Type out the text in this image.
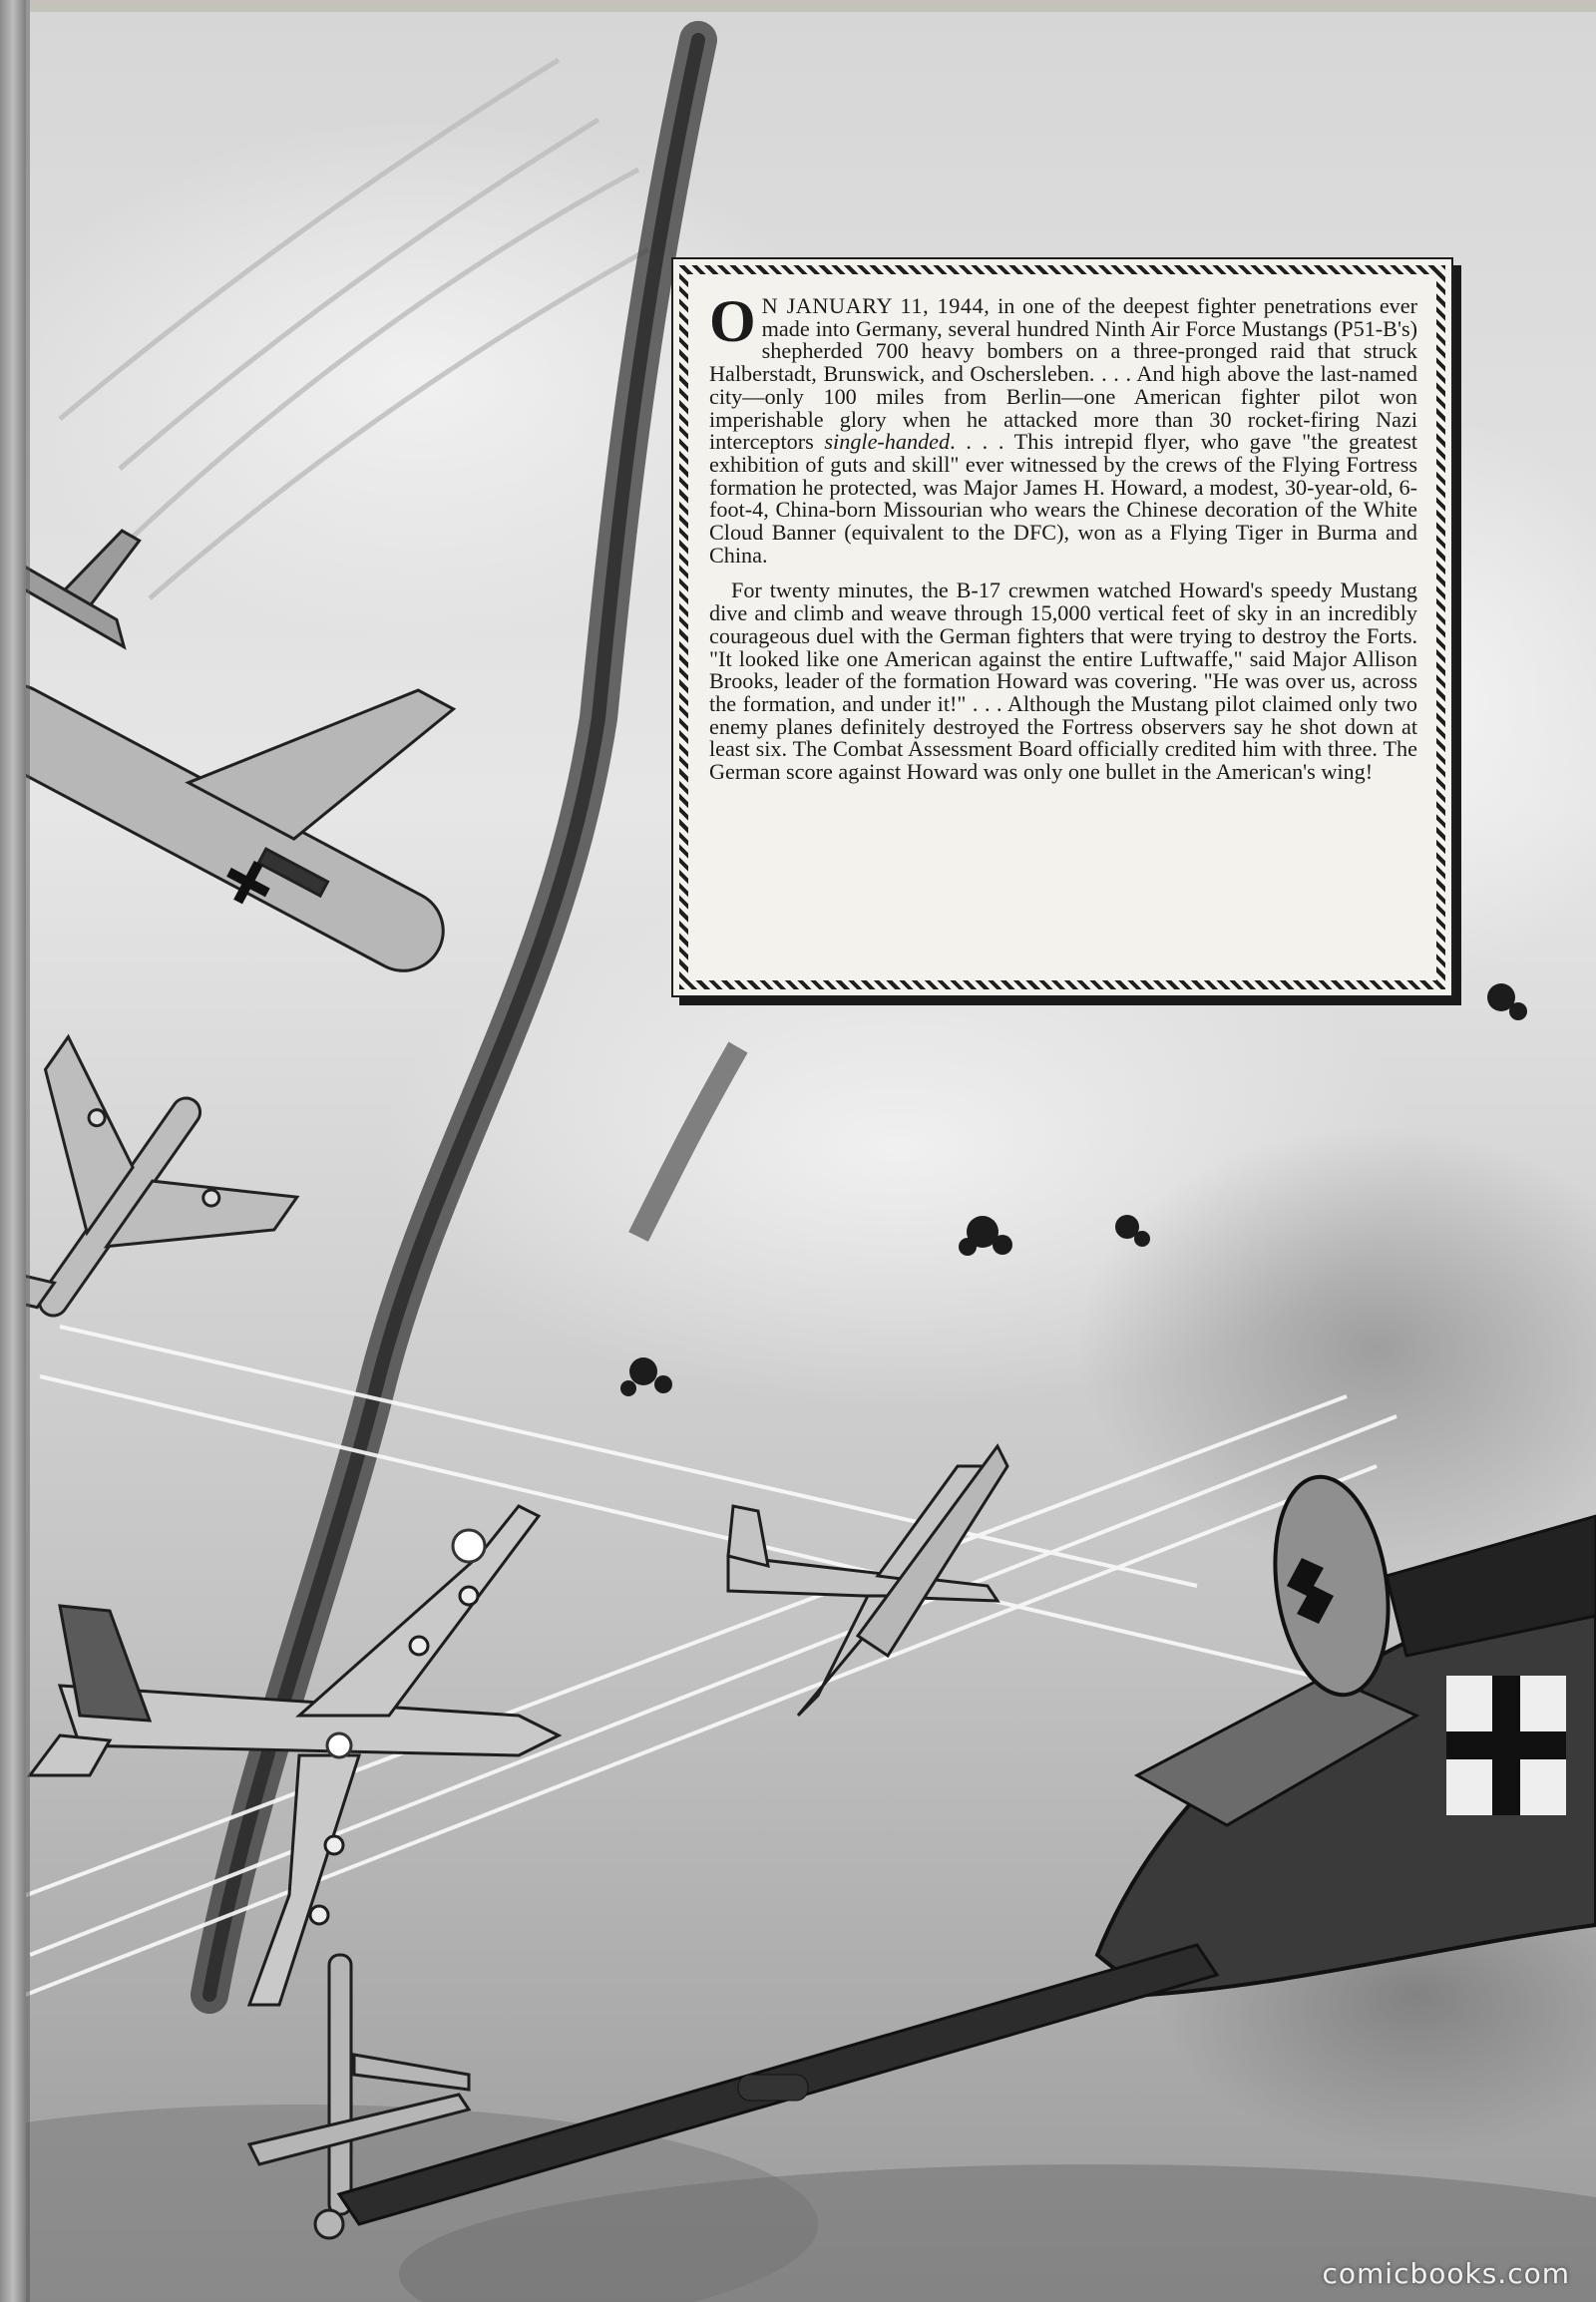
O N JANUARY 11, 1944, in one of the deepest fighter penetrations ever made into Germany, several hundred Ninth Air Force Mustangs (P51-B's) shepherded 700 heavy bombers on a three-pronged raid that struck Halberstadt, Brunswick, and Oschersleben. . . . And high above the last-named city—only 100 miles from Berlin—one American fighter pilot won imperishable glory when he attacked more than 30 rocket-firing Nazi interceptors single-handed. . . . This intrepid flyer, who gave "the greatest exhibition of guts and skill" ever witnessed by the crews of the Flying Fortress formation he protected, was Major James H. Howard, a modest, 30-year-old, 6-foot-4, China-born Missourian who wears the Chinese decoration of the White Cloud Banner (equivalent to the DFC), won as a Flying Tiger in Burma and China.

For twenty minutes, the B-17 crewmen watched Howard's speedy Mustang dive and climb and weave through 15,000 vertical feet of sky in an incredibly courageous duel with the German fighters that were trying to destroy the Forts. "It looked like one American against the entire Luftwaffe," said Major Allison Brooks, leader of the formation Howard was covering. "He was over us, across the formation, and under it!" . . . Although the Mustang pilot claimed only two enemy planes definitely destroyed the Fortress observers say he shot down at least six. The Combat Assessment Board officially credited him with three. The German score against Howard was only one bullet in the American's wing!

comicbooks.com
